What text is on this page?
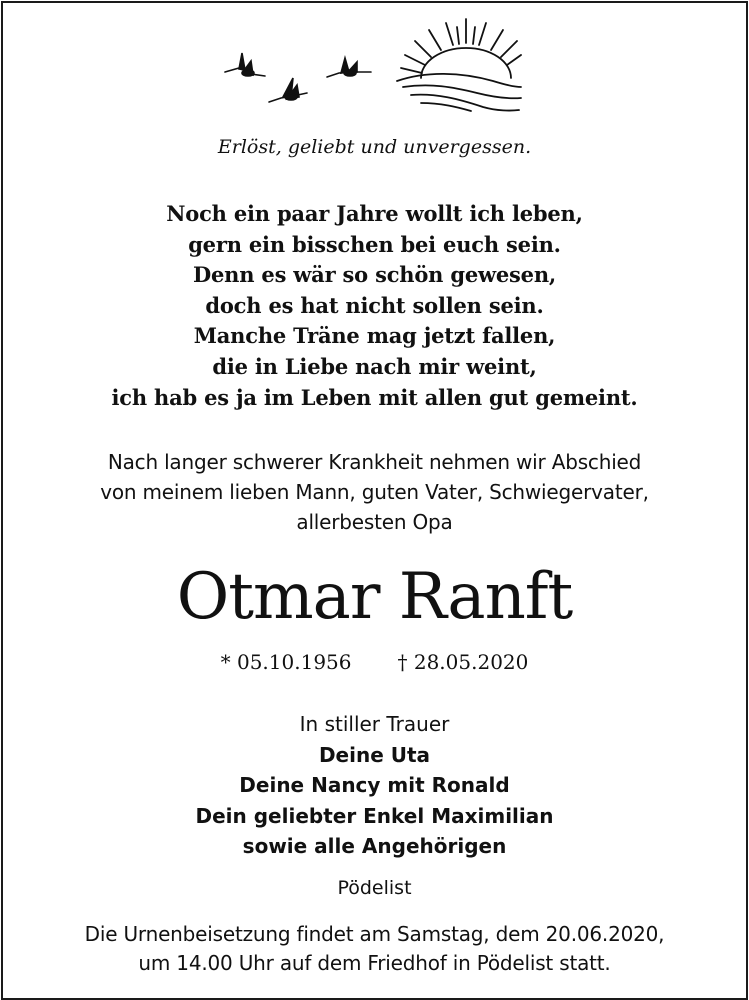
Erlöst, geliebt und unvergessen.
Noch ein paar Jahre wollt ich leben,
gern ein bisschen bei euch sein.
Denn es wär so schön gewesen,
doch es hat nicht sollen sein.
Manche Träne mag jetzt fallen,
die in Liebe nach mir weint,
ich hab es ja im Leben mit allen gut gemeint.
Nach langer schwerer Krankheit nehmen wir Abschied
von meinem lieben Mann, guten Vater, Schwiegervater,
allerbesten Opa
Otmar Ranft
* 05.10.1956 † 28.05.2020
In stiller Trauer
Deine Uta
Deine Nancy mit Ronald
Dein geliebter Enkel Maximilian
sowie alle Angehörigen
Pödelist
Die Urnenbeisetzung findet am Samstag, dem 20.06.2020,
um 14.00 Uhr auf dem Friedhof in Pödelist statt.
